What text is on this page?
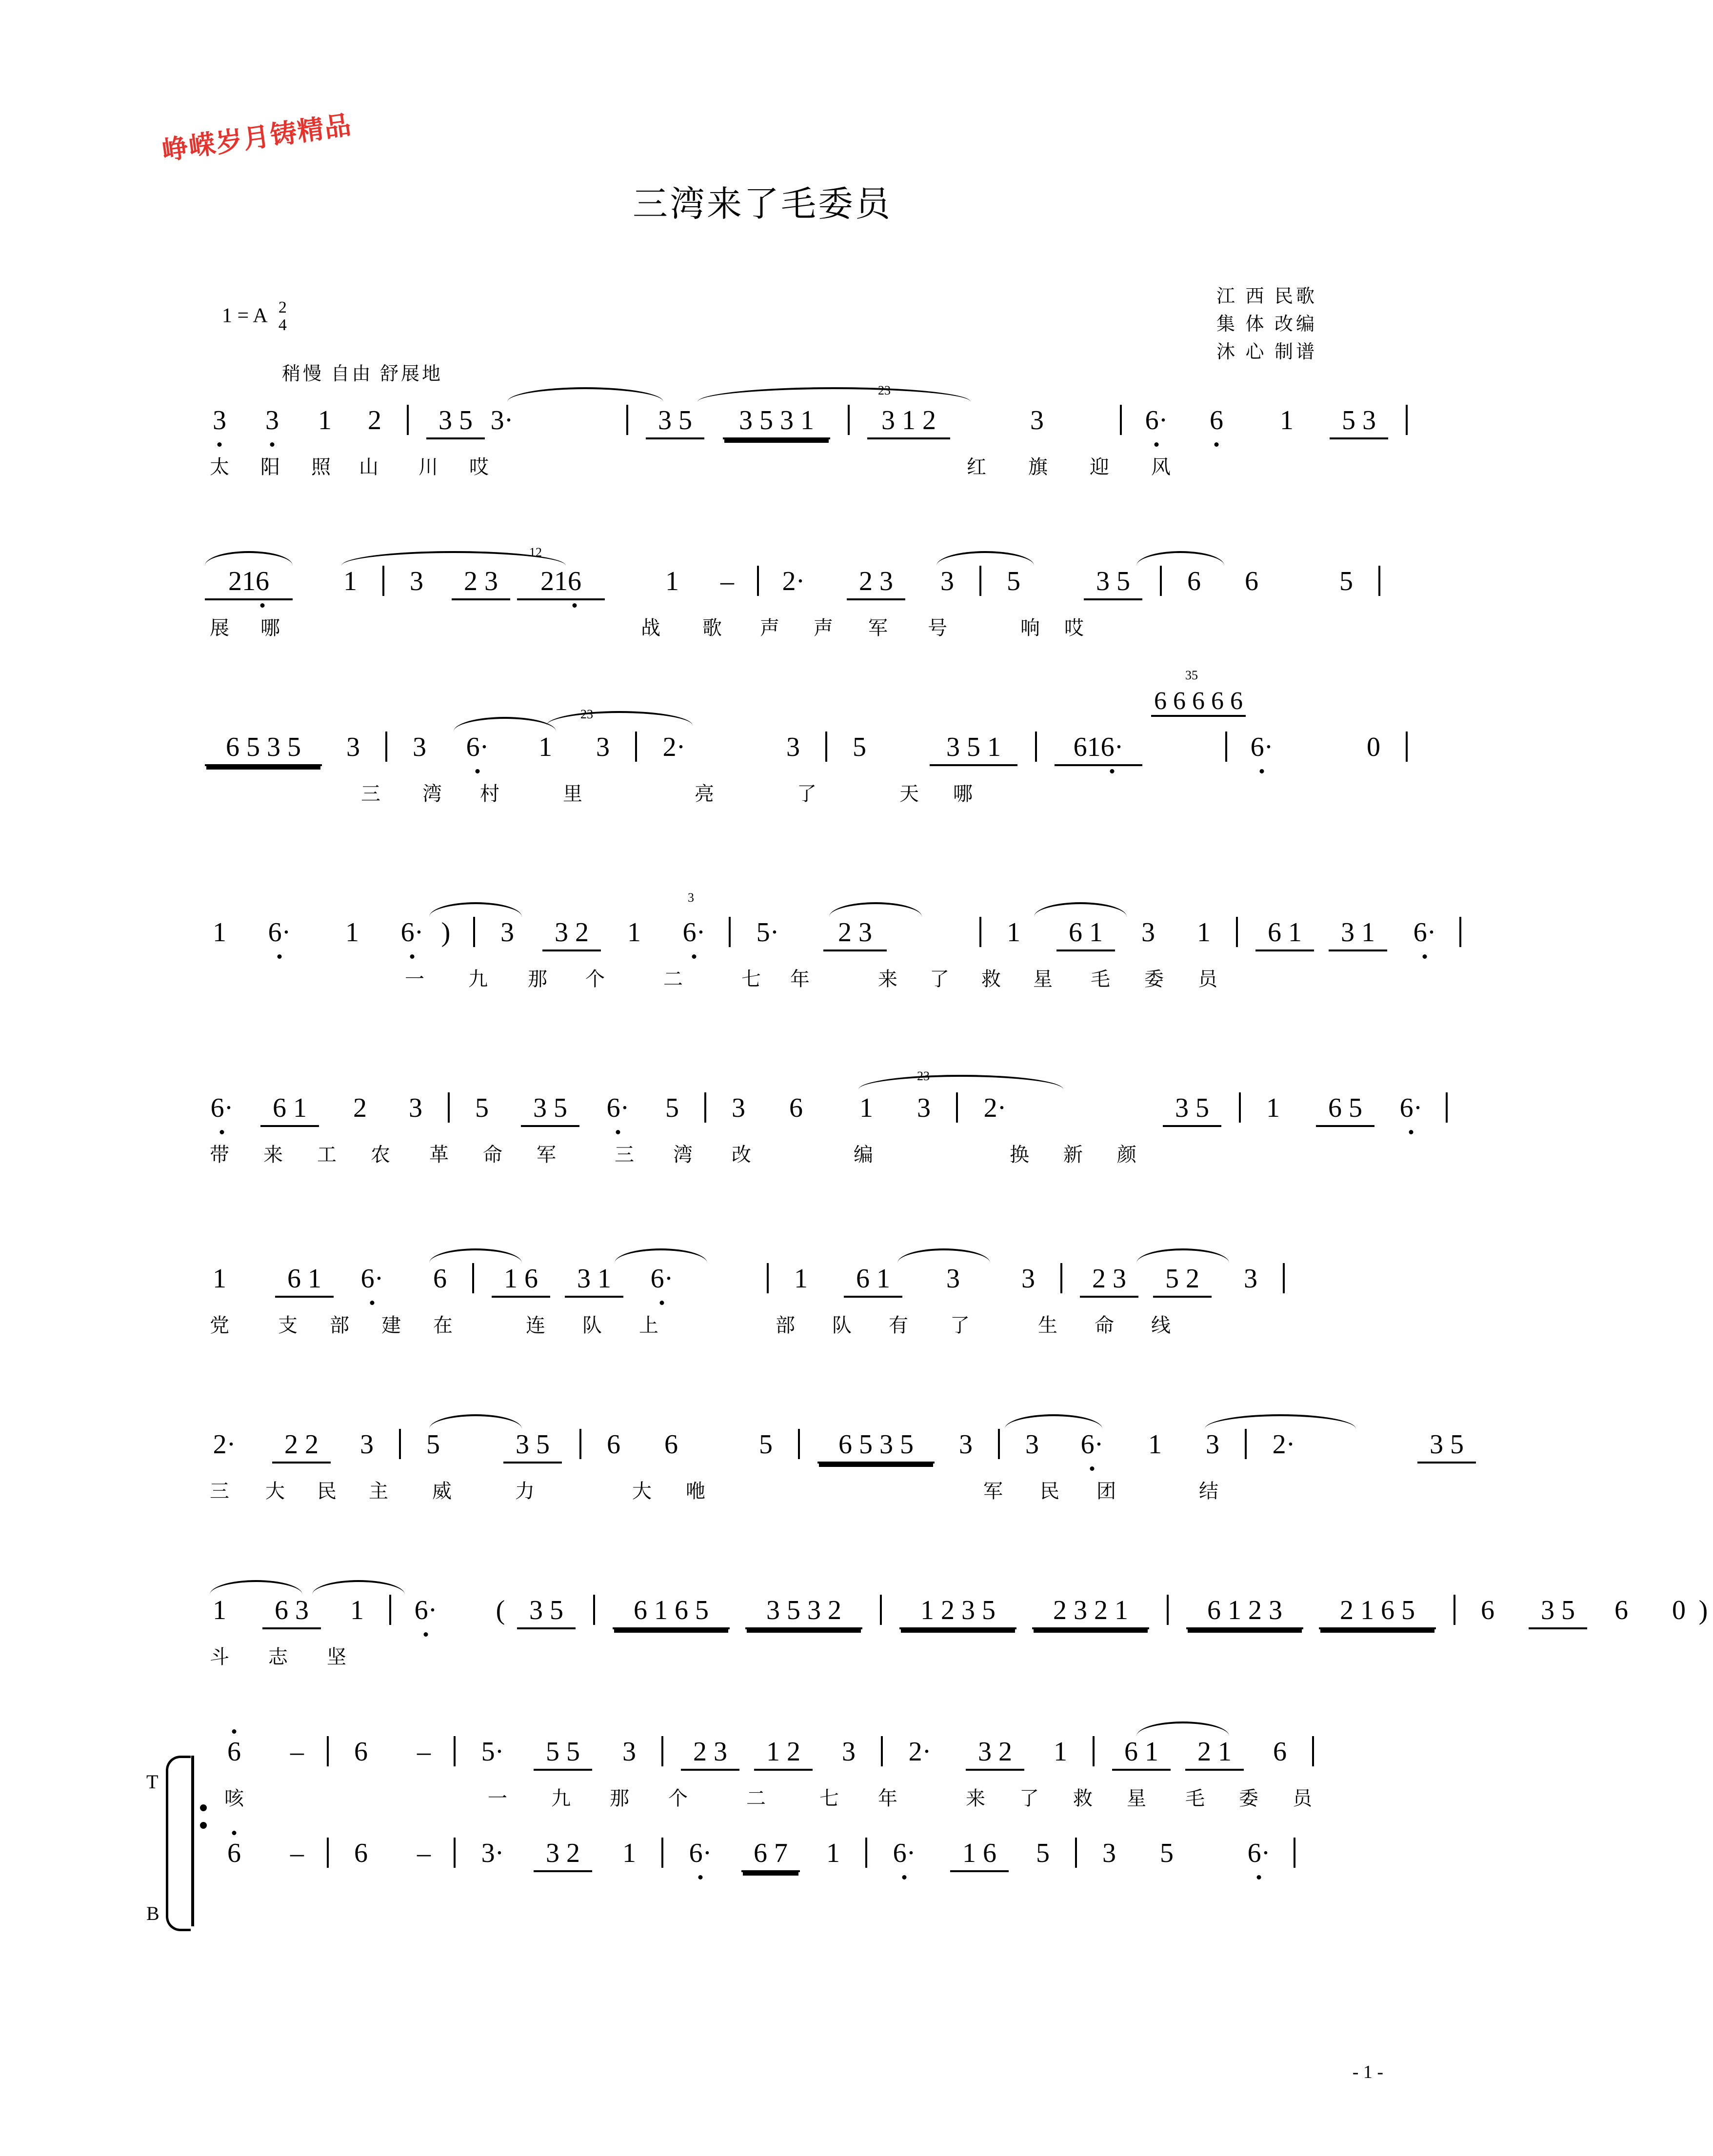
峥嵘岁月铸精品
三湾来了毛委员
江 西 民歌
集 体 改编
沐 心 制谱
1 = A 2
4
稍慢 自由 舒展地
3 3 1 2 3 5 3·	3 5 3 5 3 1 3 1 2	3	6· 6 1 5 3
23
太 阳 照 山 川 哎	红 旗 迎 风
216	1 3 2 3 216	1 – 2· 2 3 3 5	3 5 6 6	5
12
展 哪	战 歌 声 声 军 号	响 哎
6 5 3 5 3 3 6· 1 3 2·	3 5	3 5 1	616·	6·	0
23
35
三 湾 村	里	亮	了	天 哪
6 6 6 6 6
1 6· 1 6· ) 3 3 2 1 6· 5· 2 3	1 6 1 3 1 6 1 3 1 6·
3
一 九 那 个	二	七 年	来 了 救 星 毛 委 员
6· 6 1 2 3 5 3 5 6· 5 3 6 1 3 2·	3 5 1 6 5 6·
23
带 来 工 农 革 命 军	三 湾 改	编	换 新 颜
1 6 1 6· 6 1 6 3 1 6·	1 6 1 3 3 2 3 5 2 3
党	支 部 建 在	连 队 上	部 队 有 了	生 命 线
2· 2 2 3 5	3 5 6 6	5 6 5 3 5 3 3 6· 1 3 2·	3 5
三 大 民 主 威	力	大 咃	军 民 团	结
1 6 3 1 6· ( 3 5	6 1 6 5 3 5 3 2	1 2 3 5 2 3 2 1	6 1 2 3 2 1 6 5 6 3 5 6 0 )
斗 志 坚
T
B
6 – 6 – 5· 5 5 3 2 3 1 2 3 2· 3 2 1 6 1 2 1 6
咳	一 九 那 个	二	七 年	来 了 救 星 毛 委 员
6 – 6 – 3· 3 2 1 6· 6 7 1 6· 1 6 5 3 5	6·
- 1 -
